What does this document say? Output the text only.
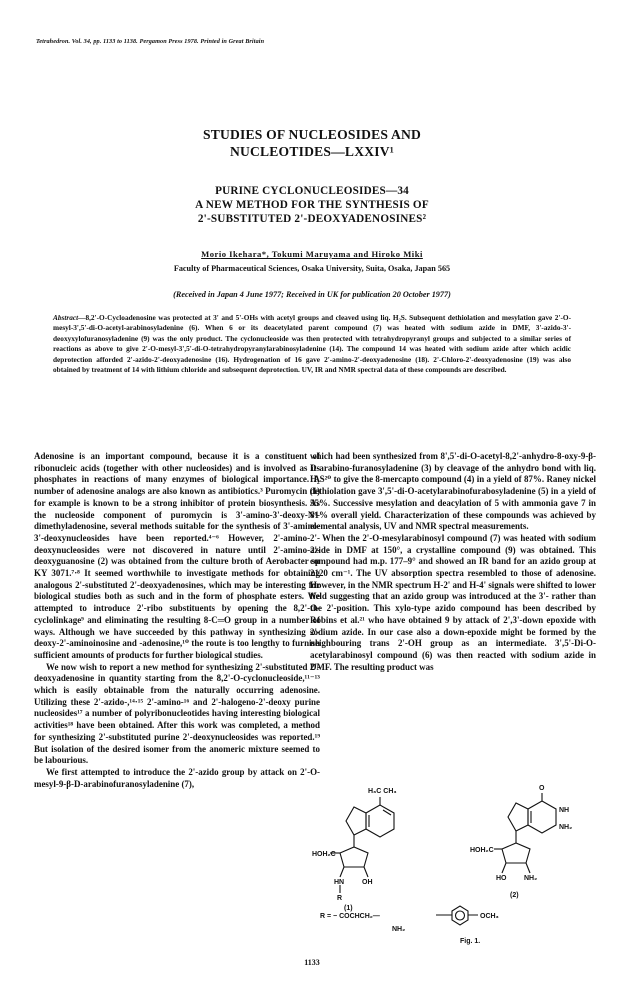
Tetrahedron. Vol. 34, pp. 1133 to 1138. Pergamon Press 1978. Printed in Great Britain
STUDIES OF NUCLEOSIDES AND
NUCLEOTIDES—LXXIV¹
PURINE CYCLONUCLEOSIDES—34
A NEW METHOD FOR THE SYNTHESIS OF
2'-SUBSTITUTED 2'-DEOXYADENOSINES²
Morio Ikehara*, Tokumi Maruyama and Hiroko Miki
Faculty of Pharmaceutical Sciences, Osaka University, Suita, Osaka, Japan 565
(Received in Japan 4 June 1977; Received in UK for publication 20 October 1977)
Abstract—8,2'-O-Cycloadenosine was protected at 3' and 5'-OHs with acetyl groups and cleaved using liq. H₂S. Subsequent dethiolation and mesylation gave 2'-O-mesyl-3',5'-di-O-acetyl-arabinosyladenine (6). When 6 or its deacetylated parent compound (7) was heated with sodium azide in DMF, 3'-azido-3'-deoxyxylofuranosyladenine (9) was the only product. The cyclonucleoside was then protected with tetrahydropyranyl groups and subjected to a similar series of reactions as above to give 2'-O-mesyl-3',5'-di-O-tetrahydropyranylarabinosyladenine (14). The compound 14 was heated with sodium azide after which acidic deprotection afforded 2'-azido-2'-deoxyadenosine (16). Hydrogenation of 16 gave 2'-amino-2'-deoxyadenosine (18). 2'-Chloro-2'-deoxyadenosine (19) was also obtained by treatment of 14 with lithium chloride and subsequent deprotection. UV, IR and NMR spectral data of these compounds are described.

Adenosine is an important compound, because it is a constituent of ribonucleic acids (together with other nucleosides) and is involved as its phosphates in reactions of many enzymes of biological importance. A number of adenosine analogs are also known as antibiotics.³ Puromycin (1) for example is known to be a strong inhibitor of protein biosynthesis. As the nucleoside component of puromycin is 3'-amino-3'-deoxy-N⁶-dimethyladenosine, several methods suitable for the synthesis of 3'-amino-3'-deoxynucleosides have been reported.⁴⁻⁶ However, 2'-amino-2'-deoxynucleosides were not discovered in nature until 2'-amino-2'-deoxyguanosine (2) was obtained from the culture broth of Aerobacter sp KY 3071.⁷·⁸ It seemed worthwhile to investigate methods for obtaining analogous 2'-substituted 2'-deoxyadenosines, which may be interesting for biological studies both as such and in the form of phosphate esters. We attempted to introduce 2'-ribo substituents by opening the 8,2'-O-cyclolinkage⁹ and eliminating the resulting 8-C═O group in a number of ways. Although we have succeeded by this pathway in synthesizing 2'-deoxy-2'-aminoinosine and -adenosine,¹⁰ the route is too lengthy to furnish sufficient amounts of products for further biological studies.

We now wish to report a new method for synthesizing 2'-substituted 2'-deoxyadenosine in quantity starting from the 8,2'-O-cyclonucleoside,¹¹⁻¹³ which is easily obtainable from the naturally occurring adenosine. Utilizing these 2'-azido-,¹⁴·¹⁵ 2'-amino-¹⁶ and 2'-halogeno-2'-deoxy purine nucleosides¹⁷ a number of polyribonucleotides having interesting biological activities¹⁸ have been obtained. After this work was completed, a method for synthesizing 2'-substituted purine 2'-deoxynucleosides was reported.¹⁹ But isolation of the desired isomer from the anomeric mixture seemed to be labourious.

We first attempted to introduce the 2'-azido group by attack on 2'-O-mesyl-9-β-D-arabinofuranosyladenine (7),

which had been synthesized from 8',5'-di-O-acetyl-8,2'-anhydro-8-oxy-9-β-D-arabino-furanosyladenine (3) by cleavage of the anhydro bond with liq. H₂S²⁰ to give the 8-mercapto compound (4) in a yield of 87%. Raney nickel dethiolation gave 3',5'-di-O-acetylarabinofurabosyladenine (5) in a yield of 55%. Successive mesylation and deacylation of 5 with ammonia gave 7 in 81% overall yield. Characterization of these compounds was achieved by elemental analysis, UV and NMR spectral measurements.

When the 2'-O-mesylarabinosyl compound (7) was heated with sodium azide in DMF at 150°, a crystalline compound (9) was obtained. This compound had m.p. 177–9° and showed an IR band for an azido group at 2120 cm⁻¹. The UV absorption spectra resembled to those of adenosine. However, in the NMR spectrum H-2' and H-4' signals were shifted to lower field suggesting that an azido group was introduced at the 3'- rather than the 2'-position. This xylo-type azido compound has been described by Robins et al.²¹ who have obtained 9 by attack of 2',3'-down epoxide with sodium azide. In our case also a down-epoxide might be formed by the neighbouring trans 2'-OH group as an intermediate. 3',5'-Di-O-acetylarabinosyl compound (6) was then reacted with sodium azide in DMF. The resulting product was

H₃C CH₃
HOH₂C
HN	OH
R
(1)
HOH₂C
HO	NH₂
(2)
O
NH
NH₂
R = − COCHCH₂—	OCH₃
NH₂
Fig. 1.
1133
